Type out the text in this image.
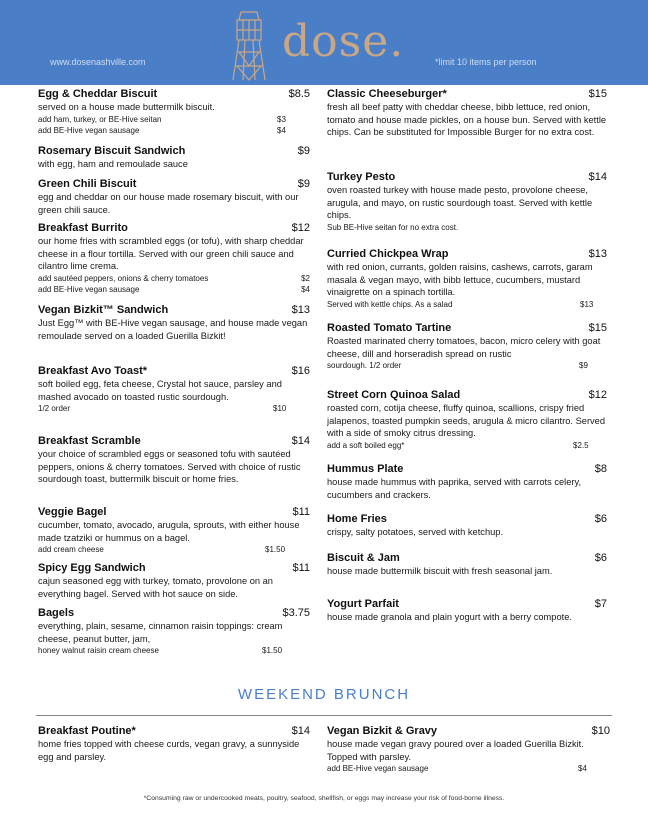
www.dosenashville.com	dose.	*limit 10 items per person
Egg & Cheddar Biscuit	$8.5
served on a house made buttermilk biscuit.
add ham, turkey, or BE-Hive seitan	$3
add BE-Hive vegan sausage	$4
Rosemary Biscuit Sandwich	$9
with egg, ham and remoulade sauce
Green Chili Biscuit	$9
egg and cheddar on our house made rosemary biscuit, with our green chili sauce.
Breakfast Burrito	$12
our home fries with scrambled eggs (or tofu), with sharp cheddar cheese in a flour tortilla. Served with our green chili sauce and cilantro lime crema.
add sautéed peppers, onions & cherry tomatoes	$2
add BE-Hive vegan sausage	$4
Vegan Bizkit™ Sandwich	$13
Just Egg™ with BE-Hive vegan sausage, and house made vegan remoulade served on a loaded Guerilla Bizkit!
Breakfast Avo Toast*	$16
soft boiled egg, feta cheese, Crystal hot sauce, parsley and mashed avocado on toasted rustic sourdough.
1/2 order	$10
Breakfast Scramble	$14
your choice of scrambled eggs or seasoned tofu with sautéed peppers, onions & cherry tomatoes. Served with choice of rustic sourdough toast, buttermilk biscuit or home fries.
Veggie Bagel	$11
cucumber, tomato, avocado, arugula, sprouts, with either house made tzatziki or hummus on a bagel.
add cream cheese	$1.50
Spicy Egg Sandwich	$11
cajun seasoned egg with turkey, tomato, provolone on an everything bagel. Served with hot sauce on side.
Bagels	$3.75
everything, plain, sesame, cinnamon raisin toppings: cream cheese, peanut butter, jam,
honey walnut raisin cream cheese	$1.50
Classic Cheeseburger*	$15
fresh all beef patty with cheddar cheese, bibb lettuce, red onion, tomato and house made pickles, on a house bun. Served with kettle chips. Can be substituted for Impossible Burger for no extra cost.
Turkey Pesto	$14
oven roasted turkey with house made pesto, provolone cheese, arugula, and mayo, on rustic sourdough toast. Served with kettle chips.
Sub BE-Hive seitan for no extra cost.
Curried Chickpea Wrap	$13
with red onion, currants, golden raisins, cashews, carrots, garam masala & vegan mayo, with bibb lettuce, cucumbers, mustard vinaigrette on a spinach tortilla.
Served with kettle chips. As a salad	$13
Roasted Tomato Tartine	$15
Roasted marinated cherry tomatoes, bacon, micro celery with goat cheese, dill and horseradish spread on rustic
sourdough. 1/2 order	$9
Street Corn Quinoa Salad	$12
roasted corn, cotija cheese, fluffy quinoa, scallions, crispy fried jalapenos, toasted pumpkin seeds, arugula & micro cilantro. Served with a side of smoky citrus dressing.
add a soft boiled egg*	$2.5
Hummus Plate	$8
house made hummus with paprika, served with carrots celery, cucumbers and crackers.
Home Fries	$6
crispy, salty potatoes, served with ketchup.
Biscuit & Jam	$6
house made buttermilk biscuit with fresh seasonal jam.
Yogurt Parfait	$7
house made granola and plain yogurt with a berry compote.
WEEKEND BRUNCH
Breakfast Poutine*	$14
home fries topped with cheese curds, vegan gravy, a sunnyside egg and parsley.
Vegan Bizkit & Gravy	$10
house made vegan gravy poured over a loaded Guerilla Bizkit. Topped with parsley.
add BE-Hive vegan sausage	$4
*Consuming raw or undercooked meats, poultry, seafood, shellfish, or eggs may increase your risk of food-borne illness.
